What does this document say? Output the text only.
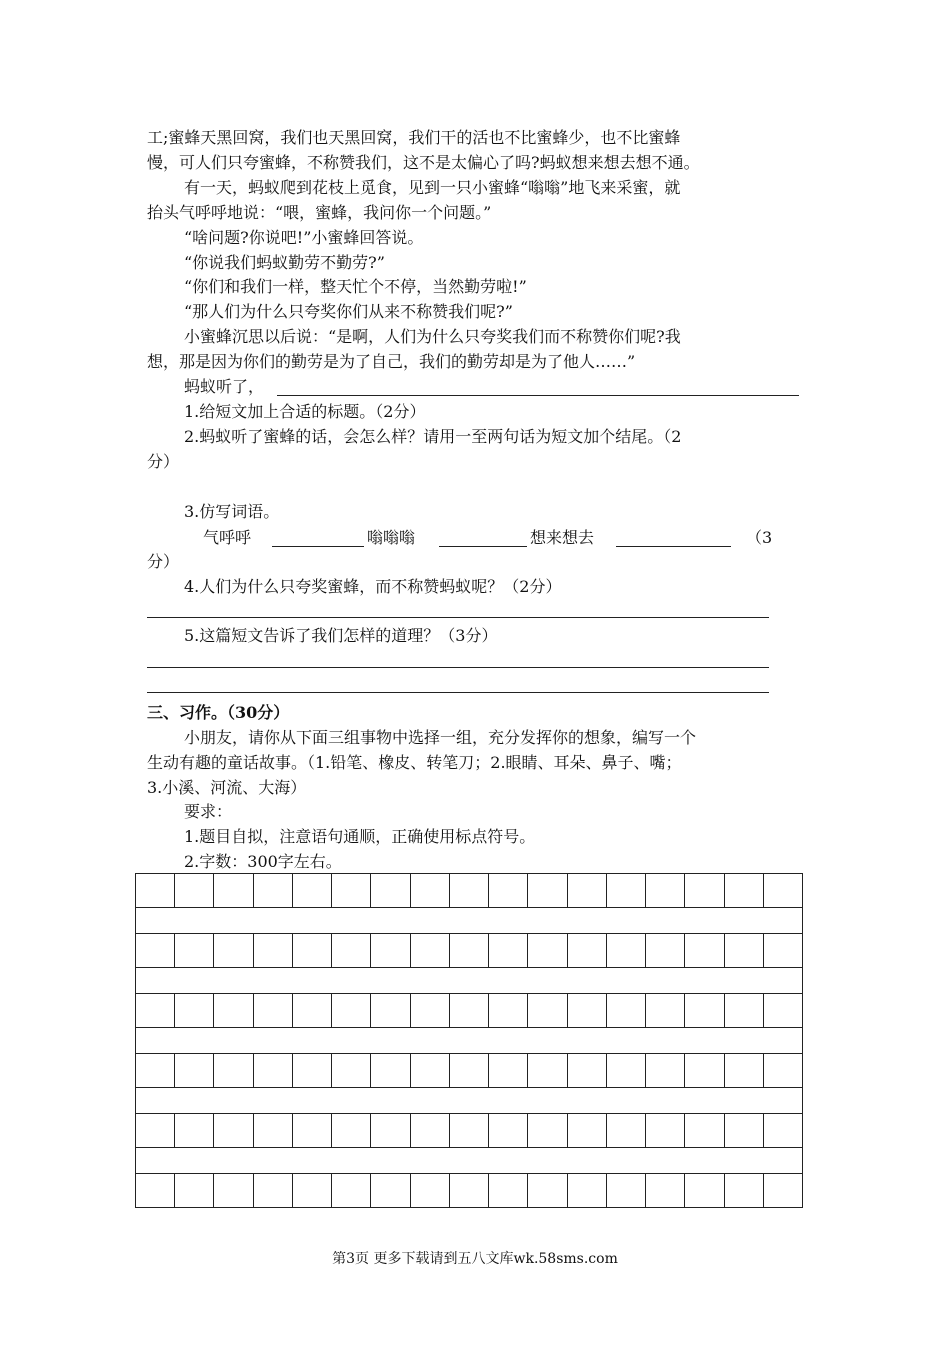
工;蜜蜂天黑回窝，我们也天黑回窝，我们干的活也不比蜜蜂少，也不比蜜蜂

慢，可人们只夸蜜蜂，不称赞我们，这不是太偏心了吗?蚂蚁想来想去想不通。

有一天，蚂蚁爬到花枝上觅食，见到一只小蜜蜂“嗡嗡”地飞来采蜜，就

抬头气呼呼地说：“喂，蜜蜂，我问你一个问题。”

“啥问题?你说吧!”小蜜蜂回答说。

“你说我们蚂蚁勤劳不勤劳?”

“你们和我们一样，整天忙个不停，当然勤劳啦!”

“那人们为什么只夸奖你们从来不称赞我们呢?”

小蜜蜂沉思以后说：“是啊，人们为什么只夸奖我们而不称赞你们呢?我

想，那是因为你们的勤劳是为了自己，我们的勤劳却是为了他人……”

蚂蚁听了，

1.给短文加上合适的标题。（2分）

2.蚂蚁听了蜜蜂的话，会怎么样？请用一至两句话为短文加个结尾。（2

分）

3.仿写词语。

气呼呼	嗡嗡嗡	想来想去	（3

分）

4.人们为什么只夸奖蜜蜂，而不称赞蚂蚁呢？（2分）

5.这篇短文告诉了我们怎样的道理？（3分）

三、习作。（30分）

小朋友，请你从下面三组事物中选择一组，充分发挥你的想象，编写一个

生动有趣的童话故事。（1.铅笔、橡皮、转笔刀；2.眼睛、耳朵、鼻子、嘴；

3.小溪、河流、大海）

要求：

1.题目自拟，注意语句通顺，正确使用标点符号。

2.字数：300字左右。

第3页 更多下载请到五八文库wk.58sms.com
